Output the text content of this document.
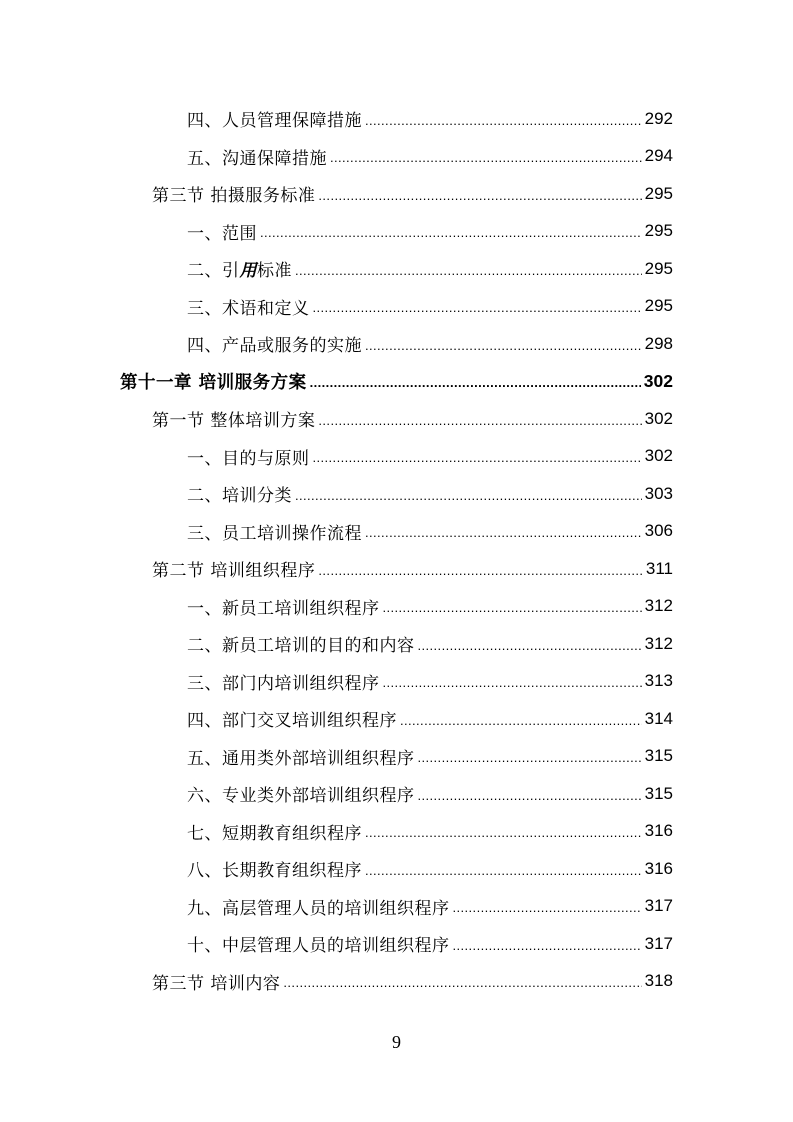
四、人员管理保障措施 .....	292
五、沟通保障措施 .....	294
第三节 拍摄服务标准 .....	295
一、范围 .....	295
二、引用标准 .....	295
三、术语和定义 .....	295
四、产品或服务的实施 .....	298
第十一章 培训服务方案 .....	302
第一节 整体培训方案 .....	302
一、目的与原则 .....	302
二、培训分类 .....	303
三、员工培训操作流程 .....	306
第二节 培训组织程序 .....	311
一、新员工培训组织程序 .....	312
二、新员工培训的目的和内容 .....	312
三、部门内培训组织程序 .....	313
四、部门交叉培训组织程序 .....	314
五、通用类外部培训组织程序 .....	315
六、专业类外部培训组织程序 .....	315
七、短期教育组织程序 .....	316
八、长期教育组织程序 .....	316
九、高层管理人员的培训组织程序 .....	317
十、中层管理人员的培训组织程序 .....	317
第三节 培训内容 .....	318
9
